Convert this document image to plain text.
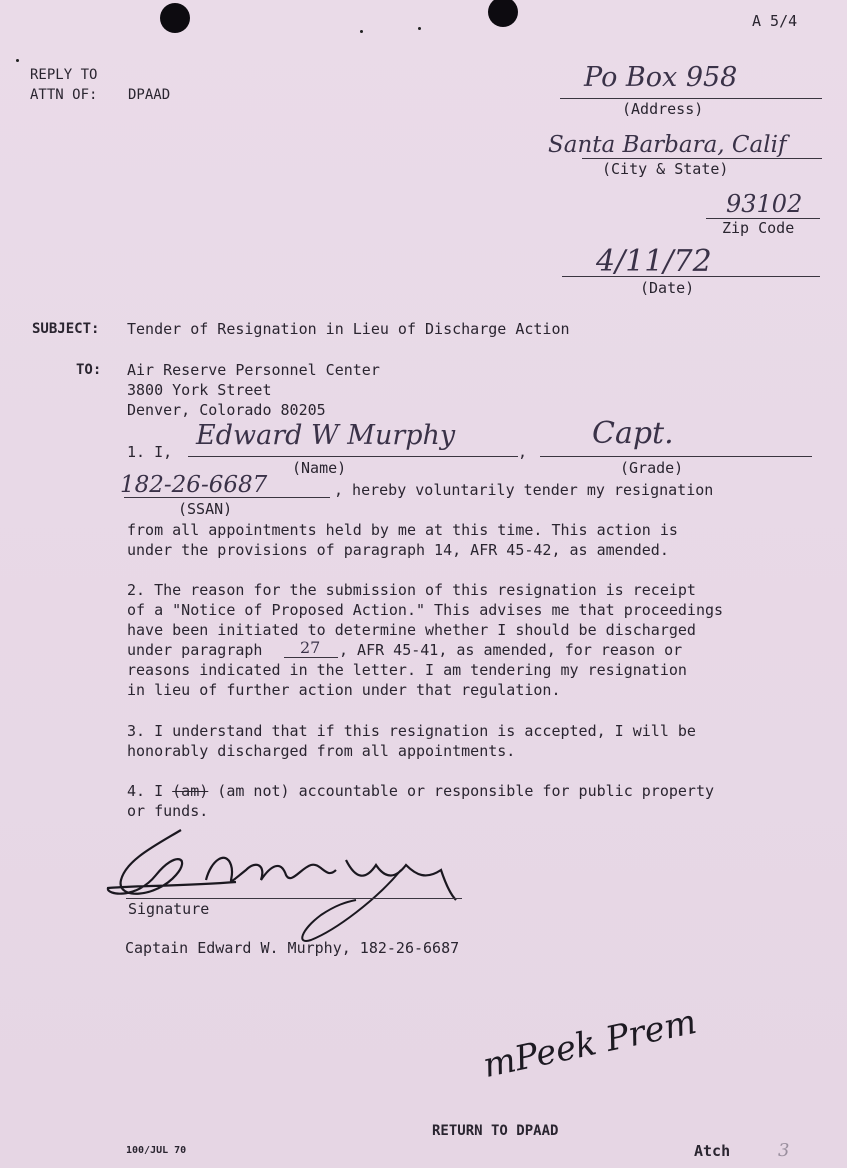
A 5/4
REPLY TO
ATTN OF: DPAAD
Po Box 958
(Address)
Santa Barbara, Calif
(City & State)
93102
Zip Code
4/11/72
(Date)
SUBJECT: Tender of Resignation in Lieu of Discharge Action
TO: Air Reserve Personnel Center
3800 York Street
Denver, Colorado 80205
1. I,
Edward W Murphy
,
(Name)
Capt.
(Grade)
182-26-6687	, hereby voluntarily tender my resignation
(SSAN)
from all appointments held by me at this time. This action is
under the provisions of paragraph 14, AFR 45-42, as amended.
2. The reason for the submission of this resignation is receipt
of a "Notice of Proposed Action." This advises me that proceedings
have been initiated to determine whether I should be discharged
under paragraph 27 , AFR 45-41, as amended, for reason or
reasons indicated in the letter. I am tendering my resignation
in lieu of further action under that regulation.
3. I understand that if this resignation is accepted, I will be
honorably discharged from all appointments.
4. I (am) (am not) accountable or responsible for public property
or funds.
Signature
Captain Edward W. Murphy, 182-26-6687
mPeek Prem
RETURN TO DPAAD
100/JUL 70	Atch	3
